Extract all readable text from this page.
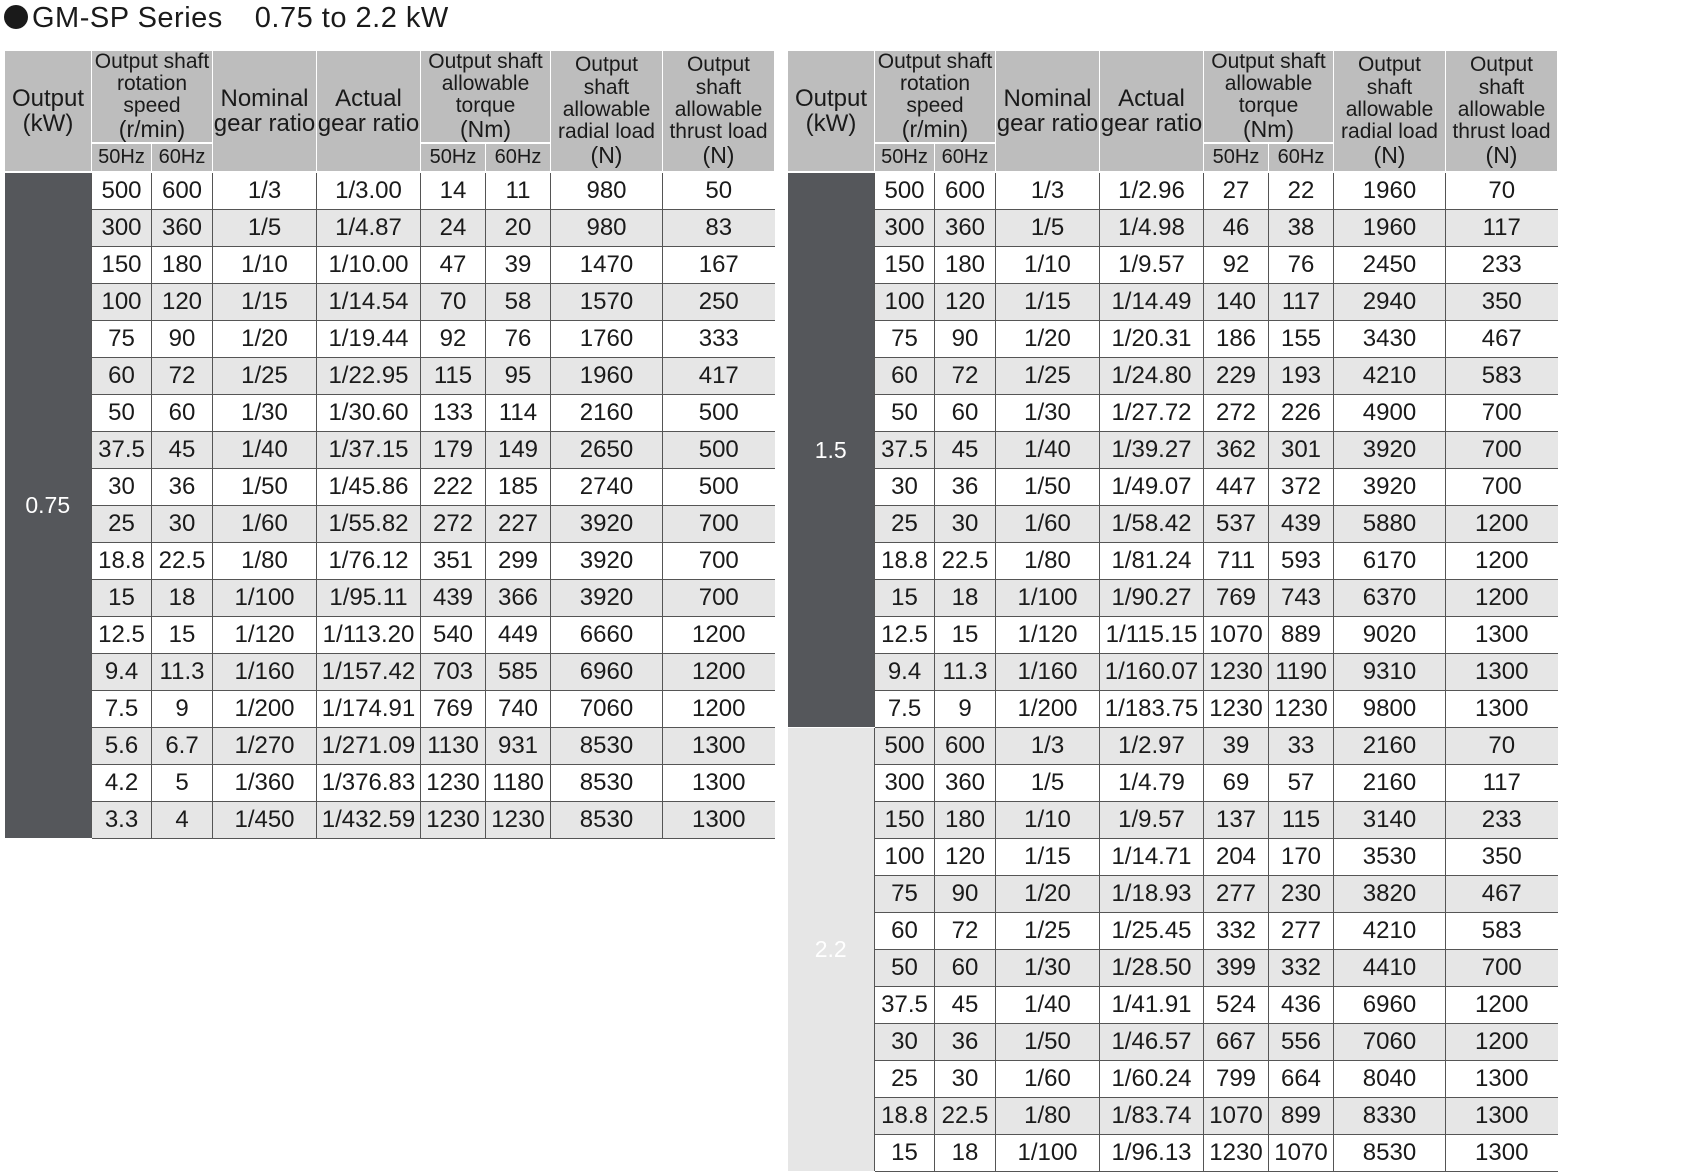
GM-SP Series 0.75 to 2.2 kW
Output
(kW)	Output shaft
rotation speed
(r/min)		Nominal
gear ratio	Actual
gear ratio	Output shaft
allowable torque
(Nm)		Output shaft
allowable
radial load
(N)	Output shaft
allowable
thrust load
(N)
	50Hz	60Hz			50Hz	60Hz		
0.75	500	600	1/3	1/3.00	14	11	980	50
	300	360	1/5	1/4.87	24	20	980	83
	150	180	1/10	1/10.00	47	39	1470	167
	100	120	1/15	1/14.54	70	58	1570	250
	75	90	1/20	1/19.44	92	76	1760	333
	60	72	1/25	1/22.95	115	95	1960	417
	50	60	1/30	1/30.60	133	114	2160	500
	37.5	45	1/40	1/37.15	179	149	2650	500
	30	36	1/50	1/45.86	222	185	2740	500
	25	30	1/60	1/55.82	272	227	3920	700
	18.8	22.5	1/80	1/76.12	351	299	3920	700
	15	18	1/100	1/95.11	439	366	3920	700
	12.5	15	1/120	1/113.20	540	449	6660	1200
	9.4	11.3	1/160	1/157.42	703	585	6960	1200
	7.5	9	1/200	1/174.91	769	740	7060	1200
	5.6	6.7	1/270	1/271.09	1130	931	8530	1300
	4.2	5	1/360	1/376.83	1230	1180	8530	1300
	3.3	4	1/450	1/432.59	1230	1230	8530	1300
Output
(kW)	Output shaft
rotation speed
(r/min)		Nominal
gear ratio	Actual
gear ratio	Output shaft
allowable torque
(Nm)		Output shaft
allowable
radial load
(N)	Output shaft
allowable
thrust load
(N)
	50Hz	60Hz			50Hz	60Hz		
1.5	500	600	1/3	1/2.96	27	22	1960	70
	300	360	1/5	1/4.98	46	38	1960	117
	150	180	1/10	1/9.57	92	76	2450	233
	100	120	1/15	1/14.49	140	117	2940	350
	75	90	1/20	1/20.31	186	155	3430	467
	60	72	1/25	1/24.80	229	193	4210	583
	50	60	1/30	1/27.72	272	226	4900	700
	37.5	45	1/40	1/39.27	362	301	3920	700
	30	36	1/50	1/49.07	447	372	3920	700
	25	30	1/60	1/58.42	537	439	5880	1200
	18.8	22.5	1/80	1/81.24	711	593	6170	1200
	15	18	1/100	1/90.27	769	743	6370	1200
	12.5	15	1/120	1/115.15	1070	889	9020	1300
	9.4	11.3	1/160	1/160.07	1230	1190	9310	1300
	7.5	9	1/200	1/183.75	1230	1230	9800	1300
2.2	500	600	1/3	1/2.97	39	33	2160	70
	300	360	1/5	1/4.79	69	57	2160	117
	150	180	1/10	1/9.57	137	115	3140	233
	100	120	1/15	1/14.71	204	170	3530	350
	75	90	1/20	1/18.93	277	230	3820	467
	60	72	1/25	1/25.45	332	277	4210	583
	50	60	1/30	1/28.50	399	332	4410	700
	37.5	45	1/40	1/41.91	524	436	6960	1200
	30	36	1/50	1/46.57	667	556	7060	1200
	25	30	1/60	1/60.24	799	664	8040	1300
	18.8	22.5	1/80	1/83.74	1070	899	8330	1300
	15	18	1/100	1/96.13	1230	1070	8530	1300
